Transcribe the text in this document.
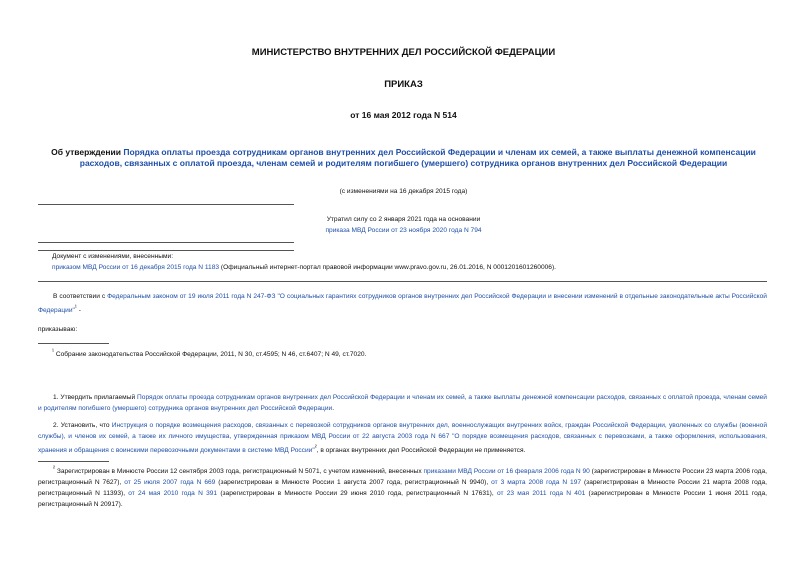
МИНИСТЕРСТВО ВНУТРЕННИХ ДЕЛ РОССИЙСКОЙ ФЕДЕРАЦИИ
ПРИКАЗ
от 16 мая 2012 года N 514
Об утверждении Порядка оплаты проезда сотрудникам органов внутренних дел Российской Федерации и членам их семей, а также выплаты денежной компенсации расходов, связанных с оплатой проезда, членам семей и родителям погибшего (умершего) сотрудника органов внутренних дел Российской Федерации
(с изменениями на 16 декабря 2015 года)
Утратил силу со 2 января 2021 года на основании
приказа МВД России от 23 ноября 2020 года N 794
Документ с изменениями, внесенными:
приказом МВД России от 16 декабря 2015 года N 1183 (Официальный интернет-портал правовой информации www.pravo.gov.ru, 26.01.2016, N 0001201601260006).
В соответствии с Федеральным законом от 19 июля 2011 года N 247-ФЗ "О социальных гарантиях сотрудников органов внутренних дел Российской Федерации и внесении изменений в отдельные законодательные акты Российской Федерации"$^{^1}$ -
приказываю:
$^{^1}$ Собрание законодательства Российской Федерации, 2011, N 30, ст.4595; N 46, ст.6407; N 49, ст.7020.
1. Утвердить прилагаемый Порядок оплаты проезда сотрудникам органов внутренних дел Российской Федерации и членам их семей, а также выплаты денежной компенсации расходов, связанных с оплатой проезда, членам семей и родителям погибшего (умершего) сотрудника органов внутренних дел Российской Федерации.
2. Установить, что Инструкция о порядке возмещения расходов, связанных с перевозкой сотрудников органов внутренних дел, военнослужащих внутренних войск, граждан Российской Федерации, уволенных со службы (военной службы), и членов их семей, а также их личного имущества, утвержденная приказом МВД России от 22 августа 2003 года N 667 "О порядке возмещения расходов, связанных с перевозками, а также оформления, использования, хранения и обращения с воинскими перевозочными документами в системе МВД России"$^{^2}$, в органах внутренних дел Российской Федерации не применяется.
$^{^2}$ Зарегистрирован в Минюсте России 12 сентября 2003 года, регистрационный N 5071, с учетом изменений, внесенных приказами МВД России от 16 февраля 2006 года N 90 (зарегистрирован в Минюсте России 23 марта 2006 года, регистрационный N 7627), от 25 июля 2007 года N 669 (зарегистрирован в Минюсте России 1 августа 2007 года, регистрационный N 9940), от 3 марта 2008 года N 197 (зарегистрирован в Минюсте России 21 марта 2008 года, регистрационный N 11393), от 24 мая 2010 года N 391 (зарегистрирован в Минюсте России 29 июня 2010 года, регистрационный N 17631), от 23 мая 2011 года N 401 (зарегистрирован в Минюсте России 1 июня 2011 года, регистрационный N 20917).
